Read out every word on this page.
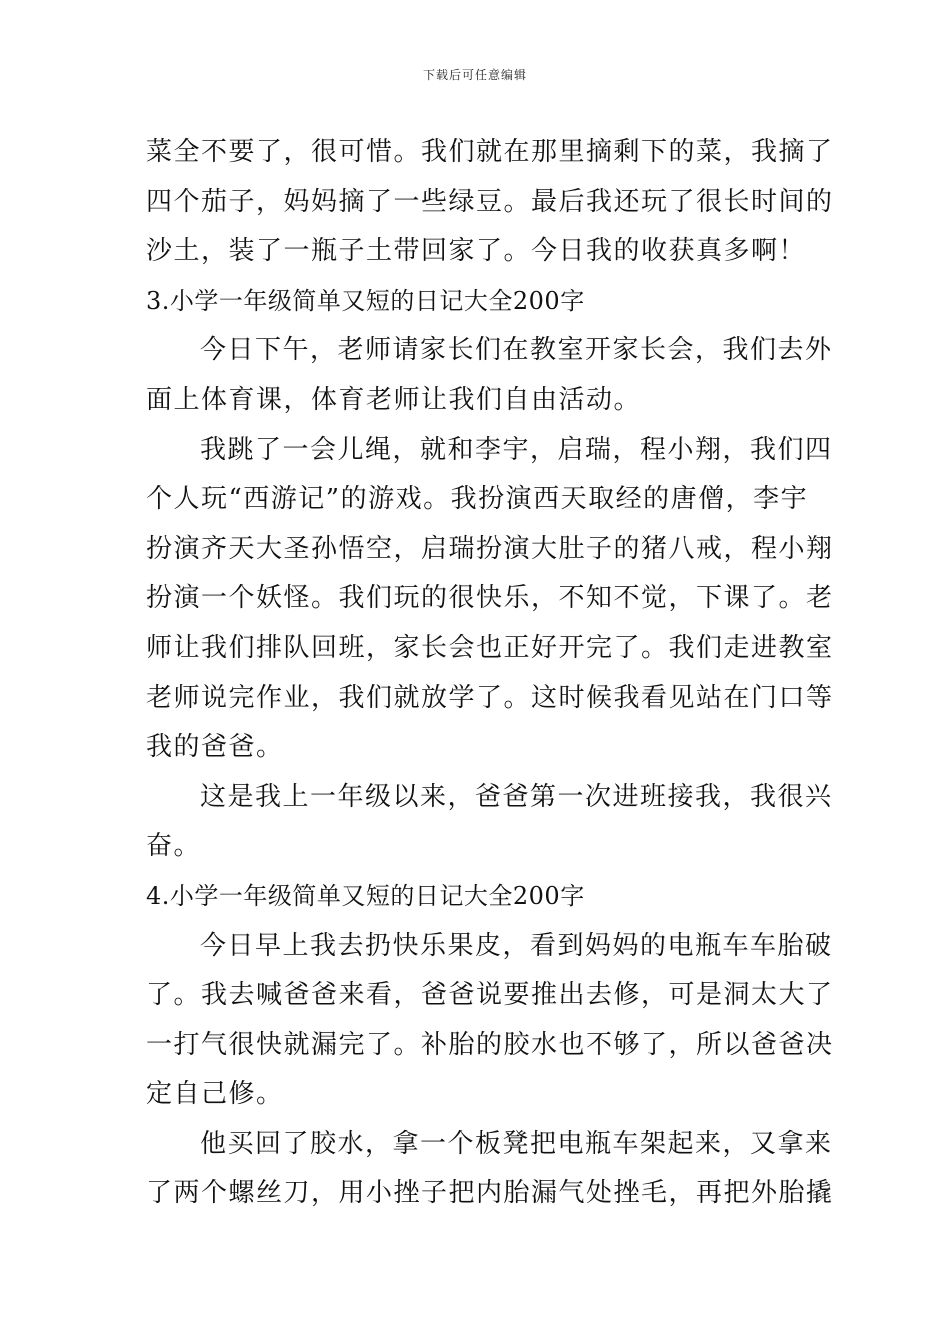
下载后可任意编辑
菜全不要了，很可惜。我们就在那里摘剩下的菜，我摘了
四个茄子，妈妈摘了一些绿豆。最后我还玩了很长时间的
沙土，装了一瓶子土带回家了。今日我的收获真多啊！
3.小学一年级简单又短的日记大全200字
今日下午，老师请家长们在教室开家长会，我们去外
面上体育课，体育老师让我们自由活动。
我跳了一会儿绳，就和李宇，启瑞，程小翔，我们四
个人玩“西游记”的游戏。我扮演西天取经的唐僧，李宇
扮演齐天大圣孙悟空，启瑞扮演大肚子的猪八戒，程小翔
扮演一个妖怪。我们玩的很快乐，不知不觉，下课了。老
师让我们排队回班，家长会也正好开完了。我们走进教室
老师说完作业，我们就放学了。这时候我看见站在门口等
我的爸爸。
这是我上一年级以来，爸爸第一次进班接我，我很兴
奋。
4.小学一年级简单又短的日记大全200字
今日早上我去扔快乐果皮，看到妈妈的电瓶车车胎破
了。我去喊爸爸来看，爸爸说要推出去修，可是洞太大了
一打气很快就漏完了。补胎的胶水也不够了，所以爸爸决
定自己修。
他买回了胶水，拿一个板凳把电瓶车架起来，又拿来
了两个螺丝刀，用小挫子把内胎漏气处挫毛，再把外胎撬
